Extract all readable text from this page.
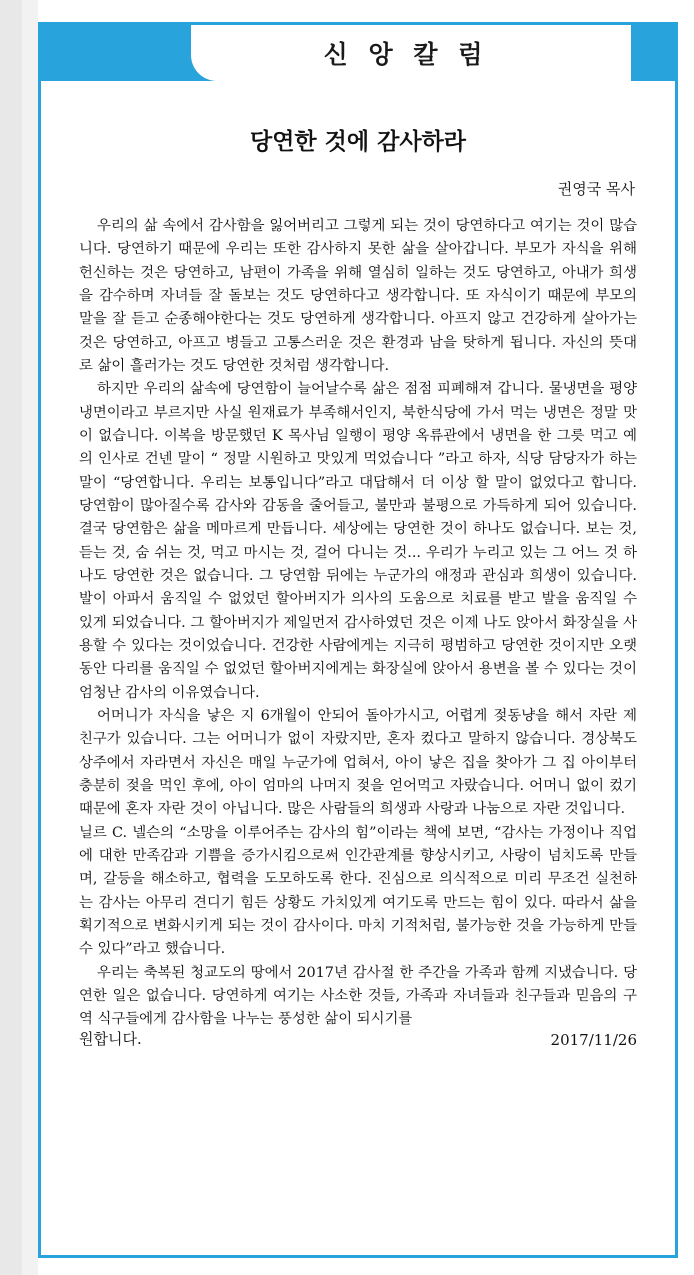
신 앙 칼 럼
당연한 것에 감사하라
권영국 목사

우리의 삶 속에서 감사함을 잃어버리고 그렇게 되는 것이 당연하다고 여기는 것이 많습니다. 당연하기 때문에 우리는 또한 감사하지 못한 삶을 살아갑니다. 부모가 자식을 위해 헌신하는 것은 당연하고, 남편이 가족을 위해 열심히 일하는 것도 당연하고, 아내가 희생을 감수하며 자녀들 잘 돌보는 것도 당연하다고 생각합니다. 또 자식이기 때문에 부모의 말을 잘 듣고 순종해야한다는 것도 당연하게 생각합니다. 아프지 않고 건강하게 살아가는 것은 당연하고, 아프고 병들고 고통스러운 것은 환경과 남을 탓하게 됩니다. 자신의 뜻대로 삶이 흘러가는 것도 당연한 것처럼 생각합니다.

하지만 우리의 삶속에 당연함이 늘어날수록 삶은 점점 피폐해져 갑니다. 물냉면을 평양 냉면이라고 부르지만 사실 원재료가 부족해서인지, 북한식당에 가서 먹는 냉면은 정말 맛이 없습니다. 이복을 방문했던 K 목사님 일행이 평양 옥류관에서 냉면을 한 그릇 먹고 예의 인사로 건넨 말이 “ 정말 시원하고 맛있게 먹었습니다 ”라고 하자, 식당 담당자가 하는 말이 “당연합니다. 우리는 보통입니다”라고 대답해서 더 이상 할 말이 없었다고 합니다. 당연함이 많아질수록 감사와 감동을 줄어들고, 불만과 불평으로 가득하게 되어 있습니다. 결국 당연함은 삶을 메마르게 만듭니다. 세상에는 당연한 것이 하나도 없습니다. 보는 것, 듣는 것, 숨 쉬는 것, 먹고 마시는 것, 걸어 다니는 것... 우리가 누리고 있는 그 어느 것 하나도 당연한 것은 없습니다. 그 당연함 뒤에는 누군가의 애정과 관심과 희생이 있습니다. 발이 아파서 움직일 수 없었던 할아버지가 의사의 도움으로 치료를 받고 발을 움직일 수 있게 되었습니다. 그 할아버지가 제일먼저 감사하였던 것은 이제 나도 앉아서 화장실을 사용할 수 있다는 것이었습니다. 건강한 사람에게는 지극히 평범하고 당연한 것이지만 오랫동안 다리를 움직일 수 없었던 할아버지에게는 화장실에 앉아서 용변을 볼 수 있다는 것이 엄청난 감사의 이유였습니다.

어머니가 자식을 낳은 지 6개월이 안되어 돌아가시고, 어렵게 젖동냥을 해서 자란 제 친구가 있습니다. 그는 어머니가 없이 자랐지만, 혼자 컸다고 말하지 않습니다. 경상북도 상주에서 자라면서 자신은 매일 누군가에 업혀서, 아이 낳은 집을 찾아가 그 집 아이부터 충분히 젖을 먹인 후에, 아이 엄마의 나머지 젖을 얻어먹고 자랐습니다. 어머니 없이 컸기 때문에 혼자 자란 것이 아닙니다. 많은 사람들의 희생과 사랑과 나눔으로 자란 것입니다.

닐르 C. 넬슨의 “소망을 이루어주는 감사의 힘”이라는 책에 보면, “감사는 가정이나 직업에 대한 만족감과 기쁨을 증가시킴으로써 인간관계를 향상시키고, 사랑이 넘치도록 만들며, 갈등을 해소하고, 협력을 도모하도록 한다. 진심으로 의식적으로 미리 무조건 실천하는 감사는 아무리 견디기 힘든 상황도 가치있게 여기도록 만드는 힘이 있다. 따라서 삶을 획기적으로 변화시키게 되는 것이 감사이다. 마치 기적처럼, 불가능한 것을 가능하게 만들 수 있다”라고 했습니다.

우리는 축복된 청교도의 땅에서 2017년 감사절 한 주간을 가족과 함께 지냈습니다. 당연한 일은 없습니다. 당연하게 여기는 사소한 것들, 가족과 자녀들과 친구들과 믿음의 구역 식구들에게 감사함을 나누는 풍성한 삶이 되시기를

원합니다.	2017/11/26
